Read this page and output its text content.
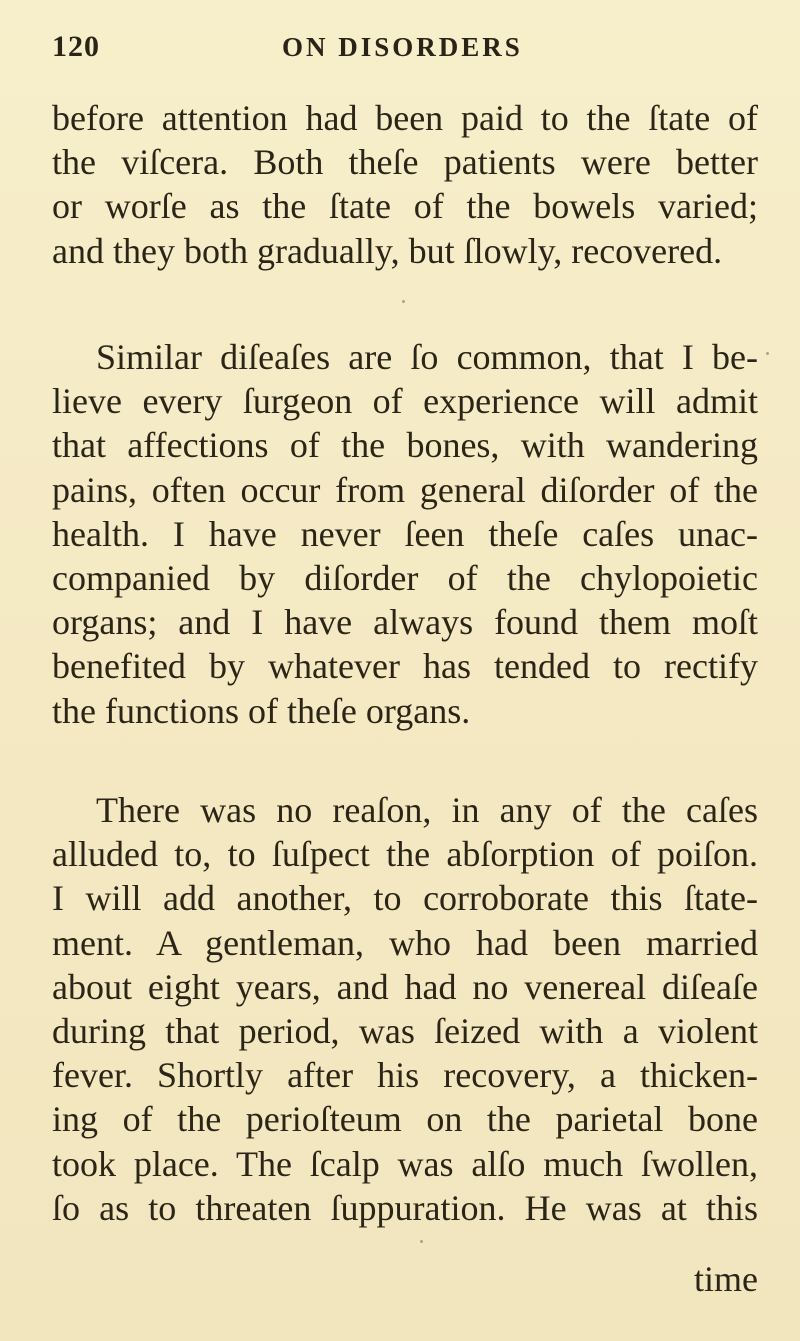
120	ON DISORDERS

before attention had been paid to the ſtate of
the viſcera. Both theſe patients were better
or worſe as the ſtate of the bowels varied;
and they both gradually, but ſlowly, recovered.

Similar diſeaſes are ſo common, that I be-
lieve every ſurgeon of experience will admit
that affections of the bones, with wandering
pains, often occur from general diſorder of the
health. I have never ſeen theſe caſes unac-
companied by diſorder of the chylopoietic
organs; and I have always found them moſt
benefited by whatever has tended to rectify
the functions of theſe organs.

There was no reaſon, in any of the caſes
alluded to, to ſuſpect the abſorption of poiſon.
I will add another, to corroborate this ſtate-
ment. A gentleman, who had been married
about eight years, and had no venereal diſeaſe
during that period, was ſeized with a violent
fever. Shortly after his recovery, a thicken-
ing of the perioſteum on the parietal bone
took place. The ſcalp was alſo much ſwollen,
ſo as to threaten ſuppuration. He was at this

time
